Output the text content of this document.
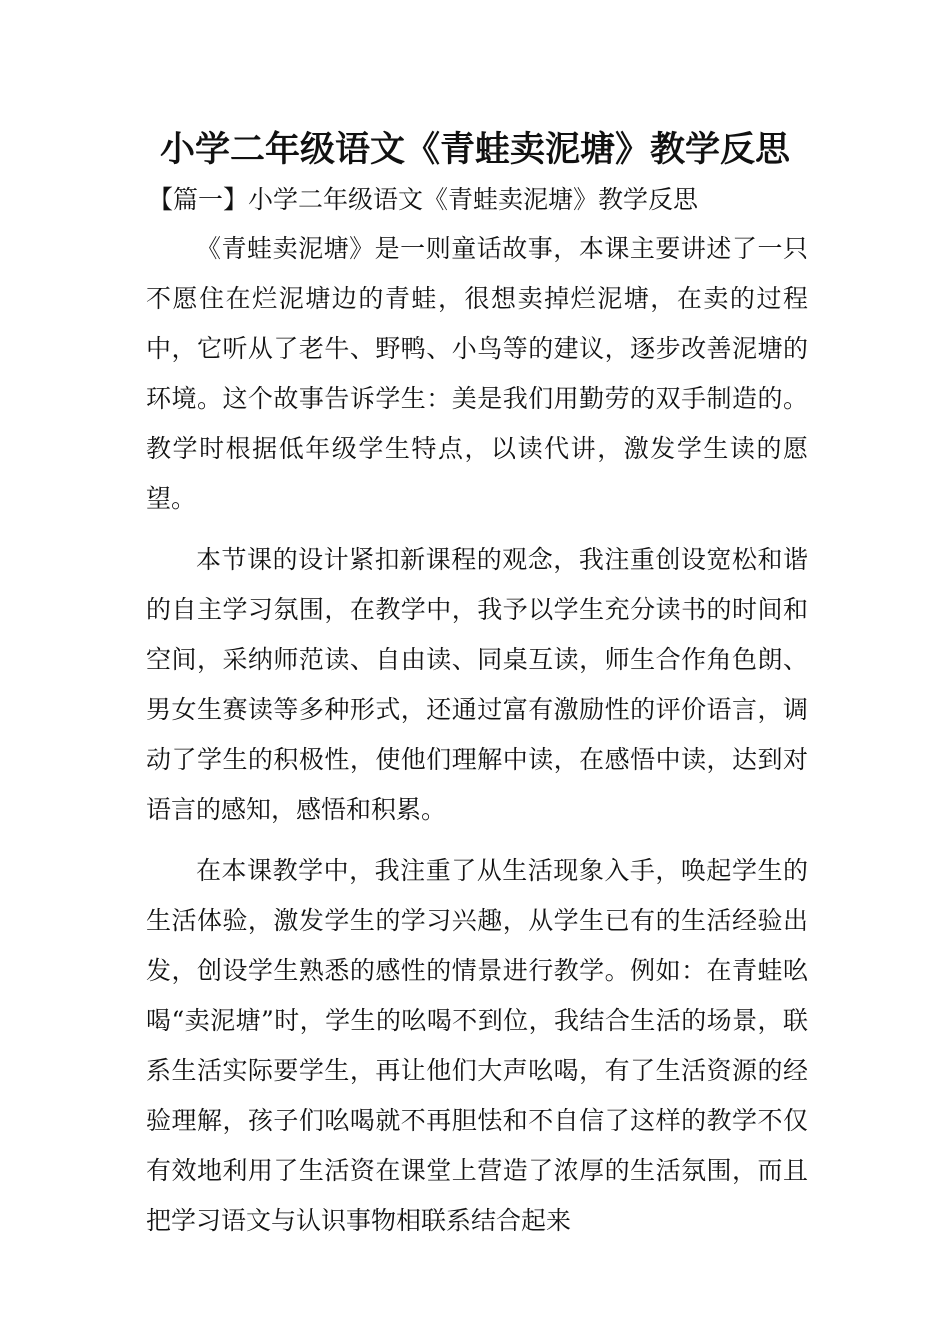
小学二年级语文《青蛙卖泥塘》教学反思

【篇一】小学二年级语文《青蛙卖泥塘》教学反思

《青蛙卖泥塘》是一则童话故事，本课主要讲述了一只不愿住在烂泥塘边的青蛙，很想卖掉烂泥塘，在卖的过程中，它听从了老牛、野鸭、小鸟等的建议，逐步改善泥塘的环境。这个故事告诉学生：美是我们用勤劳的双手制造的。教学时根据低年级学生特点，以读代讲，激发学生读的愿望。

本节课的设计紧扣新课程的观念，我注重创设宽松和谐的自主学习氛围，在教学中，我予以学生充分读书的时间和空间，采纳师范读、自由读、同桌互读，师生合作角色朗、男女生赛读等多种形式，还通过富有激励性的评价语言，调动了学生的积极性，使他们理解中读，在感悟中读，达到对语言的感知，感悟和积累。

在本课教学中，我注重了从生活现象入手，唤起学生的生活体验，激发学生的学习兴趣，从学生已有的生活经验出发，创设学生熟悉的感性的情景进行教学。例如：在青蛙吆喝“卖泥塘”时，学生的吆喝不到位，我结合生活的场景，联系生活实际要学生，再让他们大声吆喝，有了生活资源的经验理解，孩子们吆喝就不再胆怯和不自信了这样的教学不仅有效地利用了生活资在课堂上营造了浓厚的生活氛围，而且把学习语文与认识事物相联系结合起来
